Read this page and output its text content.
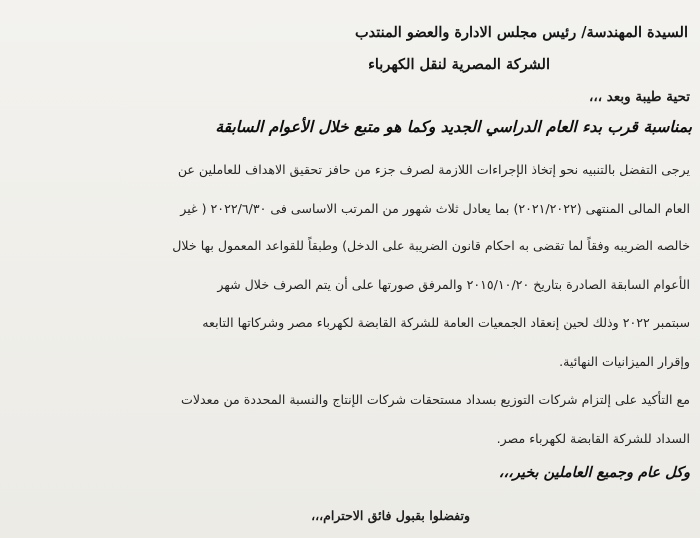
السيدة المهندسة/ رئيس مجلس الادارة والعضو المنتدب
الشركة المصرية لنقل الكهرباء
تحية طيبة وبعد ،،،
بمناسبة قرب بدء العام الدراسي الجديد وكما هو متبع خلال الأعوام السابقة
يرجى التفضل بالتنبيه نحو إتخاذ الإجراءات اللازمة لصرف جزء من حافز تحقيق الاهداف للعاملين عن
العام المالى المنتهى (٢٠٢١/٢٠٢٢) بما يعادل ثلاث شهور من المرتب الاساسى فى ٢٠٢٢/٦/٣٠ ( غير
خالصه الضريبه وفقاً لما تقضى به احكام قانون الضريبة على الدخل) وطبقاً للقواعد المعمول بها خلال
الأعوام السابقة الصادرة بتاريخ ٢٠١٥/١٠/٢٠ والمرفق صورتها على أن يتم الصرف خلال شهر
سبتمبر ٢٠٢٢ وذلك لحين إنعقاد الجمعيات العامة للشركة القابضة لكهرباء مصر وشركاتها التابعه
وإقرار الميزانيات النهائية.
مع التأكيد على إلتزام شركات التوزيع بسداد مستحقات شركات الإنتاج والنسبة المحددة من معدلات
السداد للشركة القابضة لكهرباء مصر.
وكل عام وجميع العاملين بخير،،،
وتفضلوا بقبول فائق الاحترام،،،
